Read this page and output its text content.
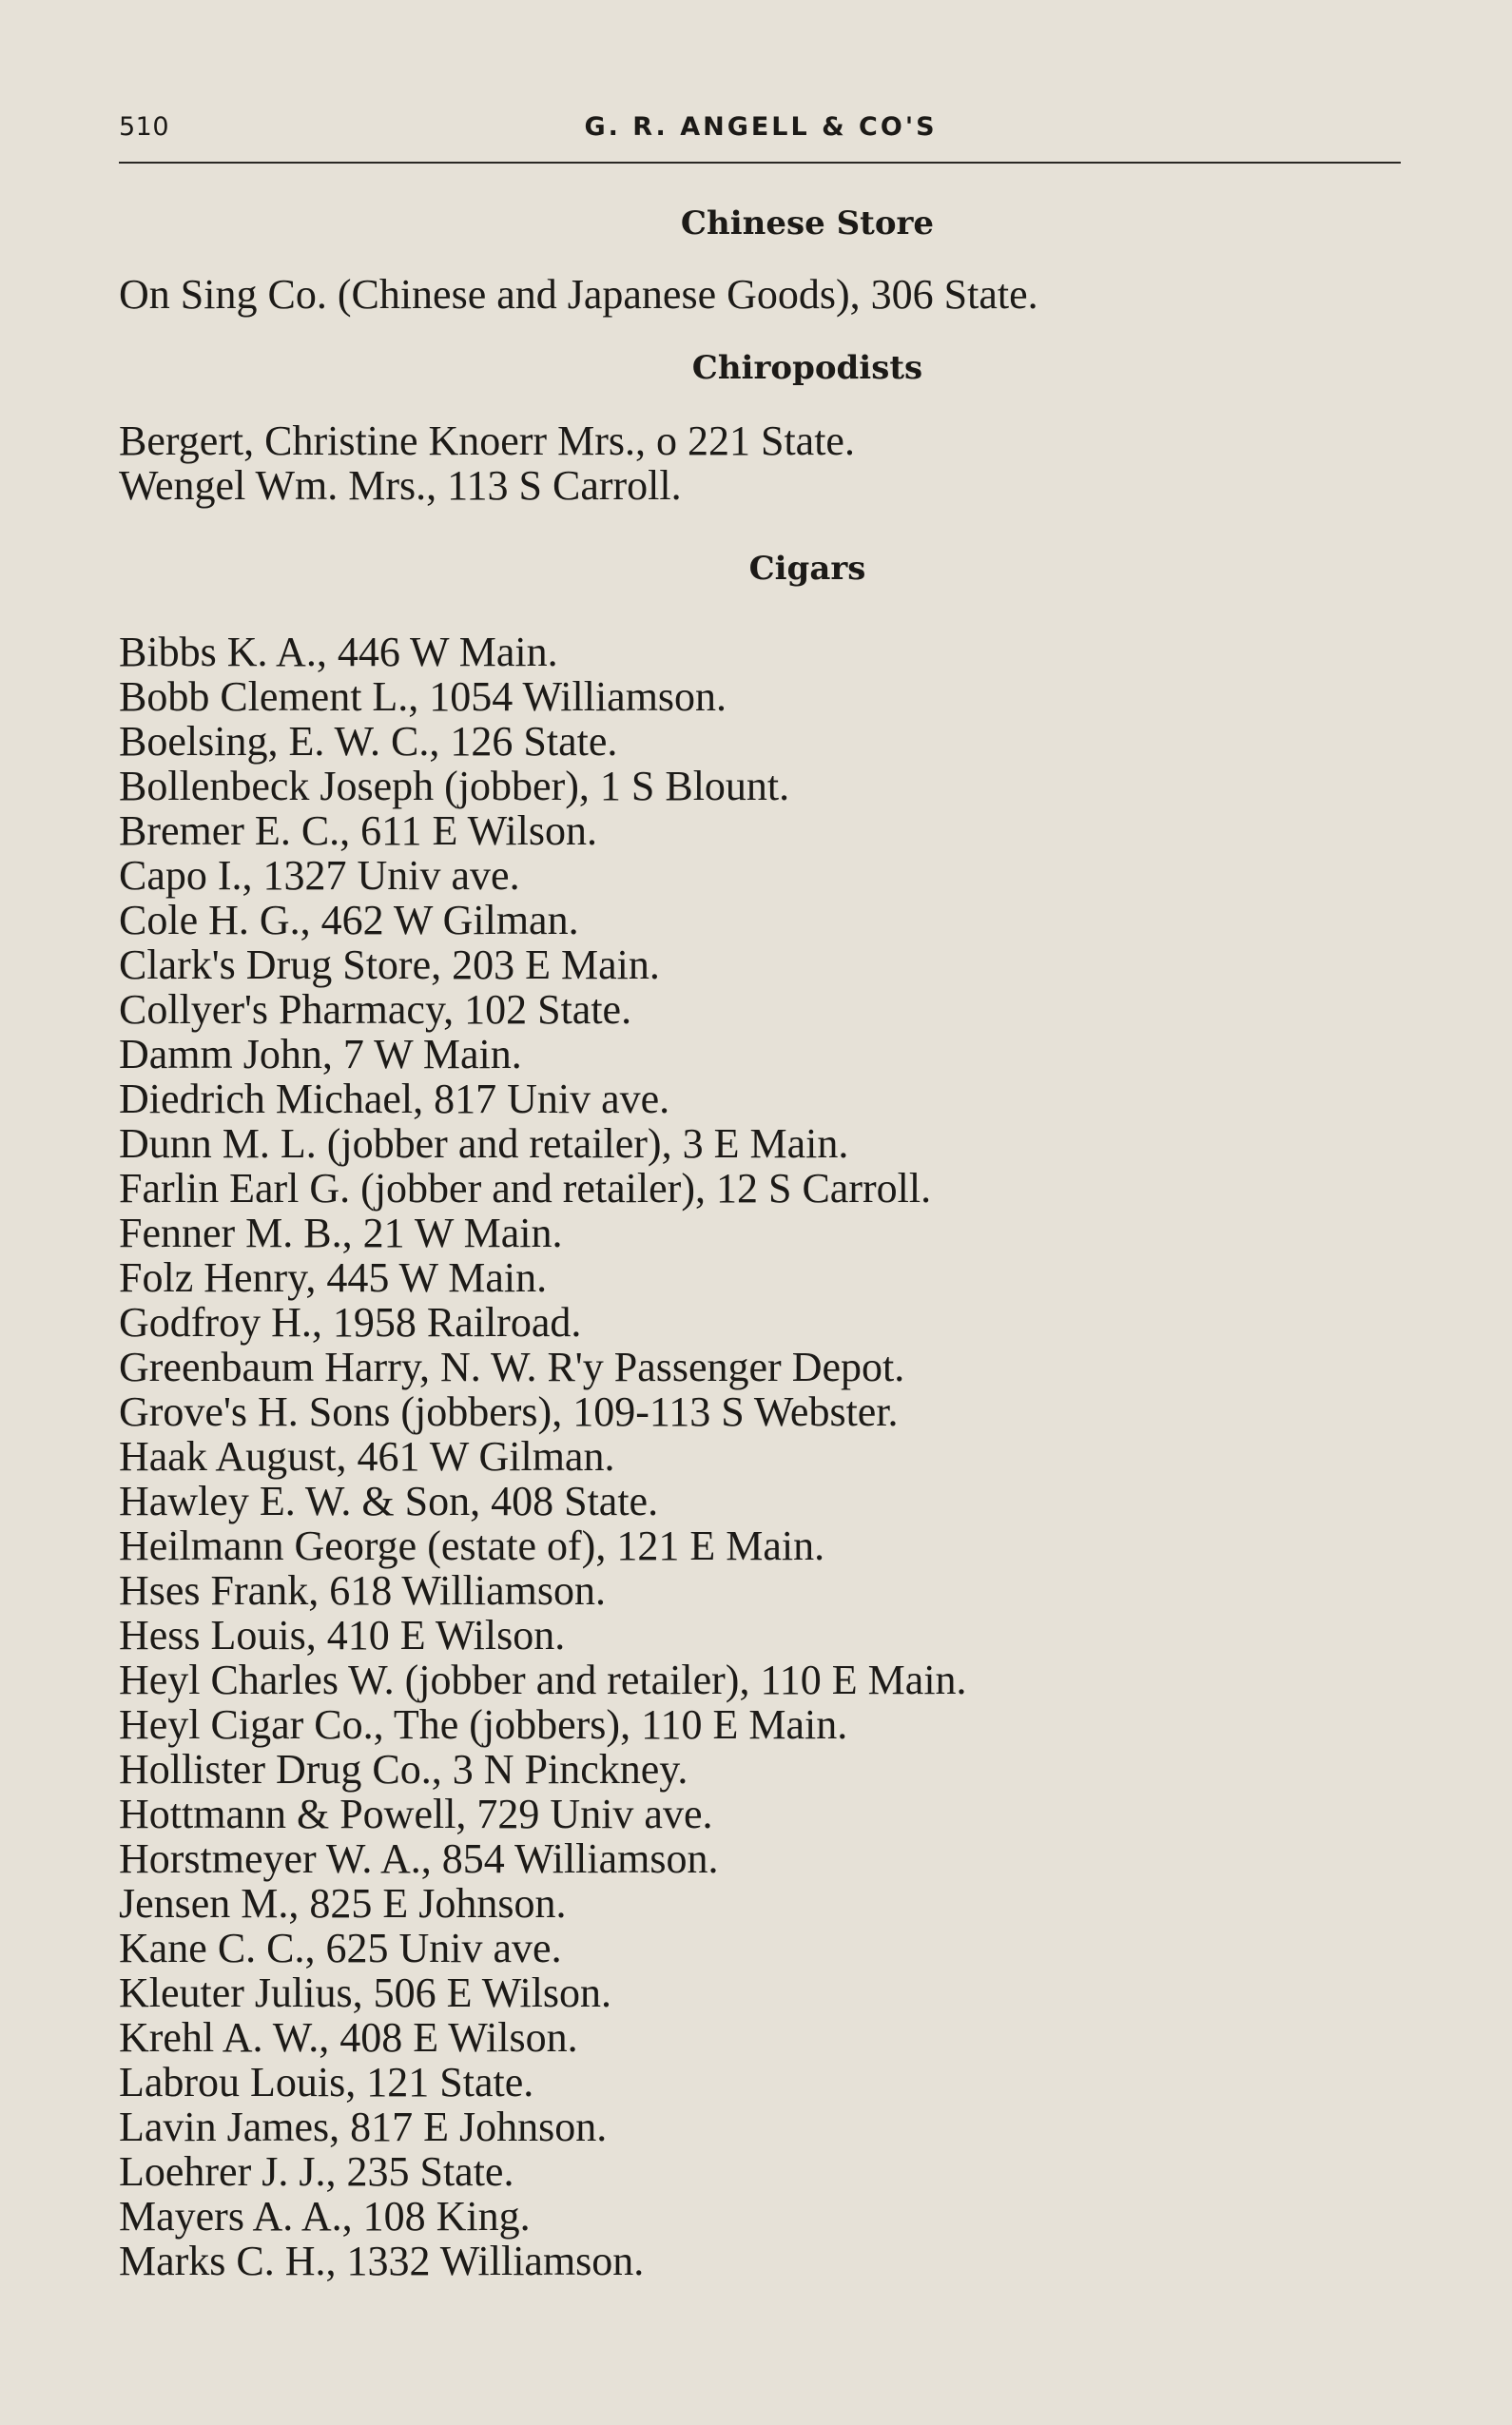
510	G. R. ANGELL & CO'S
Chinese Store

On Sing Co. (Chinese and Japanese Goods), 306 State.

Chiropodists

Bergert, Christine Knoerr Mrs., o 221 State.

Wengel Wm. Mrs., 113 S Carroll.

Cigars

Bibbs K. A., 446 W Main.

Bobb Clement L., 1054 Williamson.

Boelsing, E. W. C., 126 State.

Bollenbeck Joseph (jobber), 1 S Blount.

Bremer E. C., 611 E Wilson.

Capo I., 1327 Univ ave.

Cole H. G., 462 W Gilman.

Clark's Drug Store, 203 E Main.

Collyer's Pharmacy, 102 State.

Damm John, 7 W Main.

Diedrich Michael, 817 Univ ave.

Dunn M. L. (jobber and retailer), 3 E Main.

Farlin Earl G. (jobber and retailer), 12 S Carroll.

Fenner M. B., 21 W Main.

Folz Henry, 445 W Main.

Godfroy H., 1958 Railroad.

Greenbaum Harry, N. W. R'y Passenger Depot.

Grove's H. Sons (jobbers), 109-113 S Webster.

Haak August, 461 W Gilman.

Hawley E. W. & Son, 408 State.

Heilmann George (estate of), 121 E Main.

Hses Frank, 618 Williamson.

Hess Louis, 410 E Wilson.

Heyl Charles W. (jobber and retailer), 110 E Main.

Heyl Cigar Co., The (jobbers), 110 E Main.

Hollister Drug Co., 3 N Pinckney.

Hottmann & Powell, 729 Univ ave.

Horstmeyer W. A., 854 Williamson.

Jensen M., 825 E Johnson.

Kane C. C., 625 Univ ave.

Kleuter Julius, 506 E Wilson.

Krehl A. W., 408 E Wilson.

Labrou Louis, 121 State.

Lavin James, 817 E Johnson.

Loehrer J. J., 235 State.

Mayers A. A., 108 King.

Marks C. H., 1332 Williamson.
